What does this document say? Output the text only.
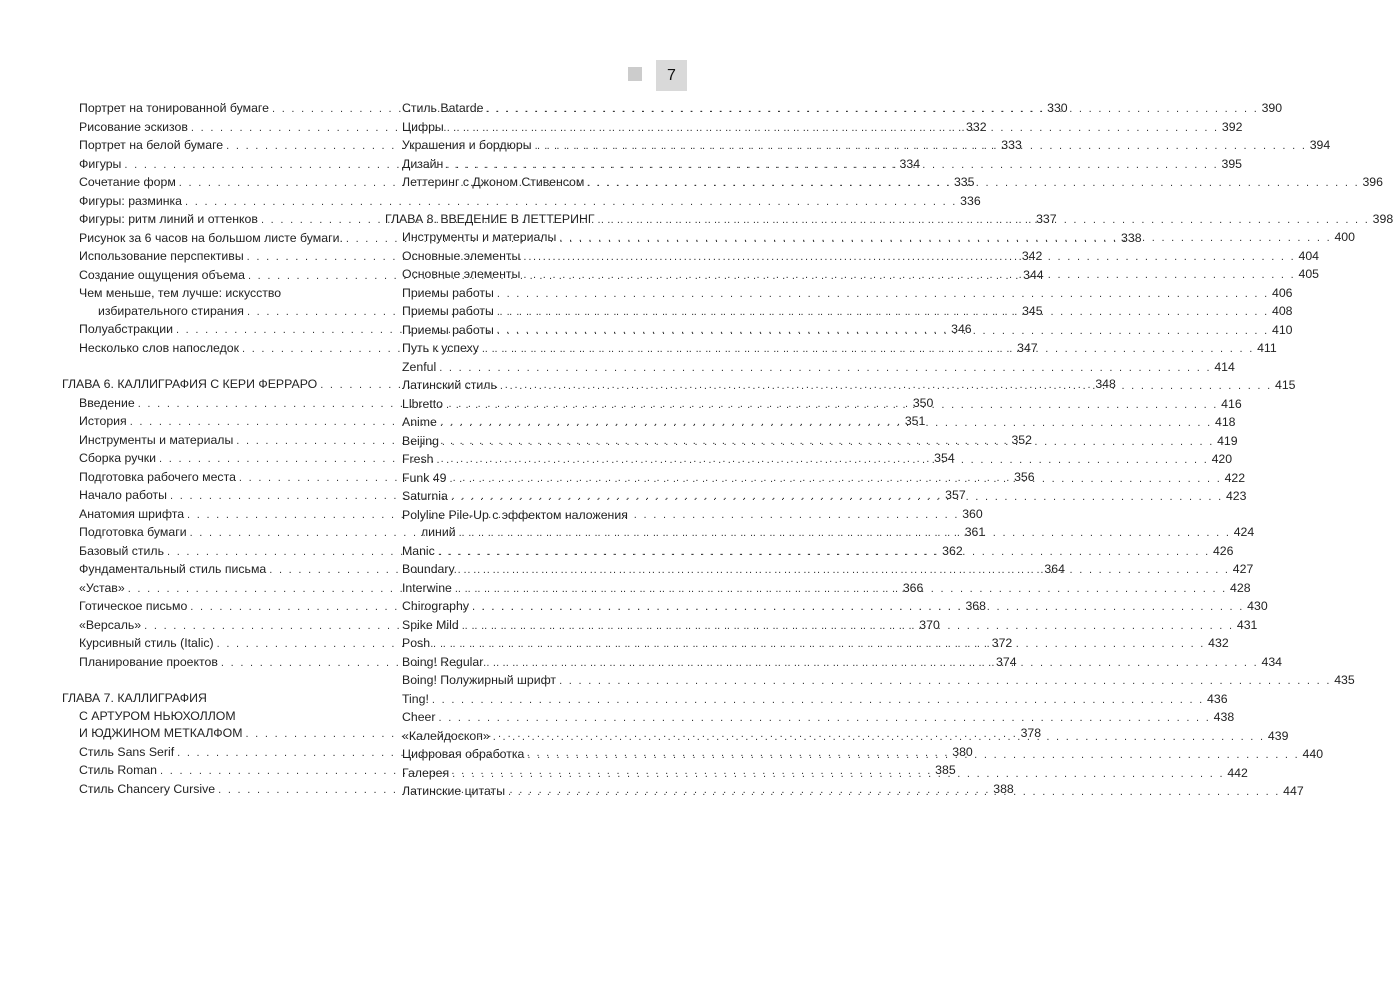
7
Портрет на тонированной бумаге . . .	330
Рисование эскизов . . .	332
Портрет на белой бумаге . . .	333
Фигуры . . .	334
Сочетание форм . . .	335
Фигуры: разминка . . .	336
Фигуры: ритм линий и оттенков . . .	337
Рисунок за 6 часов на большом листе бумаги. . . .	338
Использование перспективы . . .	342
Создание ощущения объема . . .	344
Чем меньше, тем лучше: искусство
избирательного стирания . . .	345
Полуабстракции . . .	346
Несколько слов напоследок . . .	347
ГЛАВА 6. КАЛЛИГРАФИЯ С КЕРИ ФЕРРАРО . . .	348
Введение . . .	350
История . . .	351
Инструменты и материалы . . .	352
Сборка ручки . . .	354
Подготовка рабочего места . . .	356
Начало работы . . .	357
Анатомия шрифта . . .	360
Подготовка бумаги . . .	361
Базовый стиль . . .	362
Фундаментальный стиль письма . . .	364
«Устав» . . .	366
Готическое письмо . . .	368
«Версаль» . . .	370
Курсивный стиль (Italic) . . .	372
Планирование проектов . . .	374
ГЛАВА 7. КАЛЛИГРАФИЯ
С АРТУРОМ НЬЮХОЛЛОМ
И ЮДЖИНОМ МЕТКАЛФОМ . . .	378
Стиль Sans Serif . . .	380
Стиль Roman . . .	385
Стиль Chancery Cursive . . .	388
Стиль Batarde . . .	390
Цифры . . .	392
Украшения и бордюры . . .	394
Дизайн . . .	395
Леттеринг с Джоном Стивенсом . . .	396
ГЛАВА 8. ВВЕДЕНИЕ В ЛЕТТЕРИНГ . . .	398
Инструменты и материалы . . .	400
Основные элементы . . .	404
Основные элементы . . .	405
Приемы работы . . .	406
Приемы работы . . .	408
Приемы работы . . .	410
Путь к успеху . . .	411
Zenful . . .	414
Латинский стиль . . .	415
Llbretto . . .	416
Anime . . .	418
Beijing . . .	419
Fresh . . .	420
Funk 49 . . .	422
Saturnia . . .	423
Polyline Pile-Up с эффектом наложения
линий . . .	424
Manic . . .	426
Boundary . . .	427
Interwine . . .	428
Chirography . . .	430
Spike Mild . . .	431
Posh . . .	432
Boing! Regular . . .	434
Boing! Полужирный шрифт . . .	435
Ting! . . .	436
Cheer . . .	438
«Калейдоскоп» . . .	439
Цифровая обработка . . .	440
Галерея . . .	442
Латинские цитаты . . .	447
